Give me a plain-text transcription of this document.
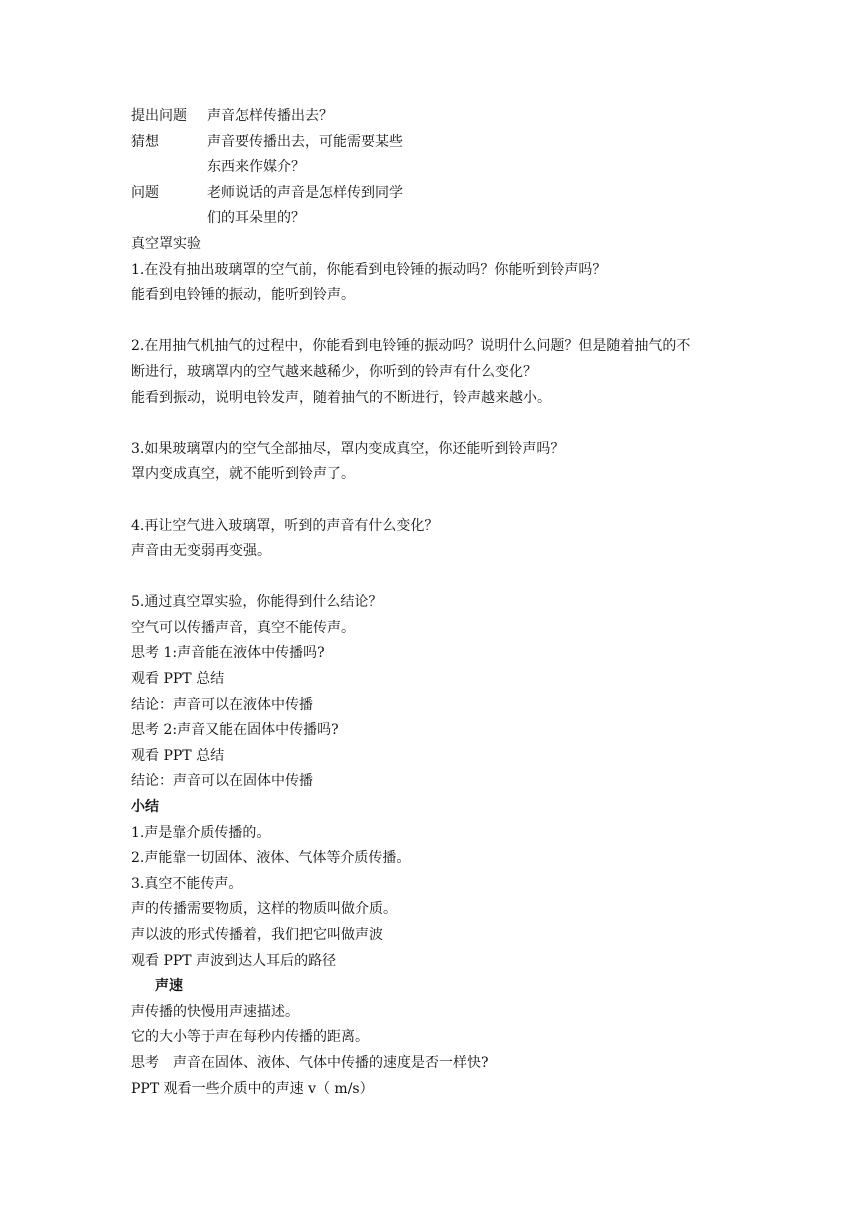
提出问题	声音怎样传播出去？
猜想	声音要传播出去，可能需要某些
东西来作媒介？
问题	老师说话的声音是怎样传到同学
们的耳朵里的？
真空罩实验
1.在没有抽出玻璃罩的空气前，你能看到电铃锤的振动吗？你能听到铃声吗？
能看到电铃锤的振动，能听到铃声。
2.在用抽气机抽气的过程中，你能看到电铃锤的振动吗？说明什么问题？但是随着抽气的不
断进行，玻璃罩内的空气越来越稀少，你听到的铃声有什么变化？
能看到振动，说明电铃发声，随着抽气的不断进行，铃声越来越小。
3.如果玻璃罩内的空气全部抽尽，罩内变成真空，你还能听到铃声吗？
罩内变成真空，就不能听到铃声了。
4.再让空气进入玻璃罩，听到的声音有什么变化？
声音由无变弱再变强。
5.通过真空罩实验，你能得到什么结论？
空气可以传播声音，真空不能传声。
思考 1:声音能在液体中传播吗?
观看 PPT 总结
结论：声音可以在液体中传播
思考 2:声音又能在固体中传播吗?
观看 PPT 总结
结论：声音可以在固体中传播
小结
1.声是靠介质传播的。
2.声能靠一切固体、液体、气体等介质传播。
3.真空不能传声。
声的传播需要物质，这样的物质叫做介质。
声以波的形式传播着，我们把它叫做声波
观看 PPT 声波到达人耳后的路径
声速
声传播的快慢用声速描述。
它的大小等于声在每秒内传播的距离。
思考　声音在固体、液体、气体中传播的速度是否一样快?
PPT 观看一些介质中的声速 v（ m/s）
